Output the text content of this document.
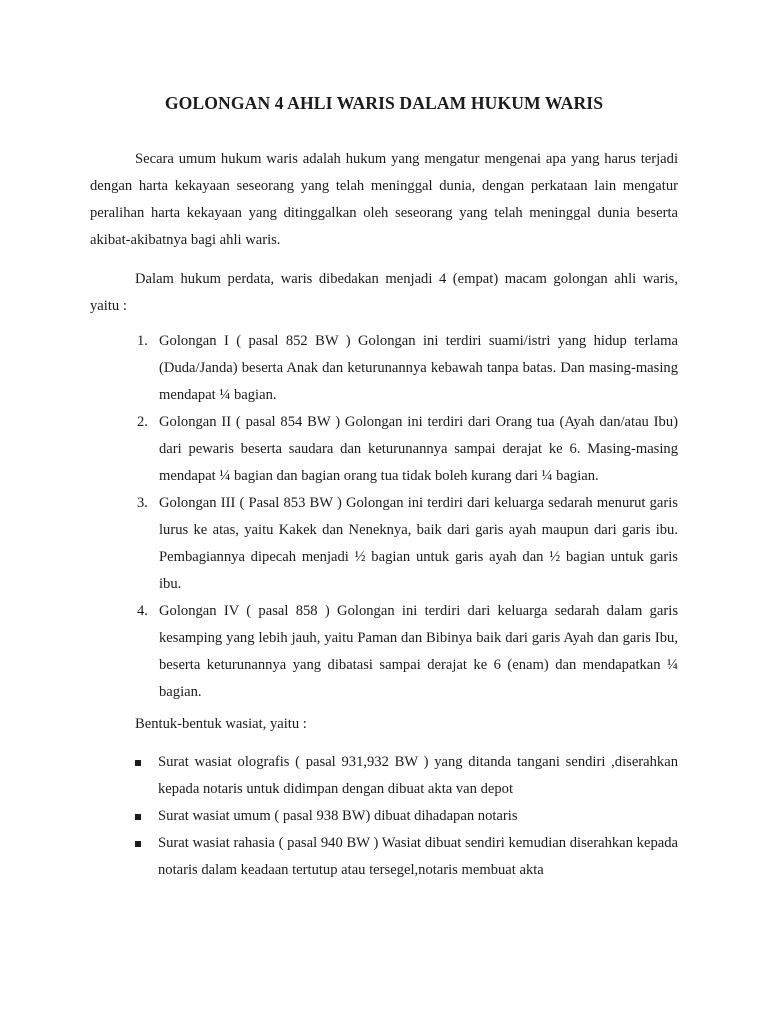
GOLONGAN 4 AHLI WARIS DALAM HUKUM WARIS

Secara umum hukum waris adalah hukum yang mengatur mengenai apa yang harus terjadi dengan harta kekayaan seseorang yang telah meninggal dunia, dengan perkataan lain mengatur peralihan harta kekayaan yang ditinggalkan oleh seseorang yang telah meninggal dunia beserta akibat-akibatnya bagi ahli waris.

Dalam hukum perdata, waris dibedakan menjadi 4 (empat) macam golongan ahli waris, yaitu :

1. Golongan I ( pasal 852 BW ) Golongan ini terdiri suami/istri yang hidup terlama (Duda/Janda) beserta Anak dan keturunannya kebawah tanpa batas. Dan masing-masing mendapat ¼ bagian.
2. Golongan II ( pasal 854 BW ) Golongan ini terdiri dari Orang tua (Ayah dan/atau Ibu) dari pewaris beserta saudara dan keturunannya sampai derajat ke 6. Masing-masing mendapat ¼ bagian dan bagian orang tua tidak boleh kurang dari ¼ bagian.
3. Golongan III ( Pasal 853 BW ) Golongan ini terdiri dari keluarga sedarah menurut garis lurus ke atas, yaitu Kakek dan Neneknya, baik dari garis ayah maupun dari garis ibu. Pembagiannya dipecah menjadi ½ bagian untuk garis ayah dan ½ bagian untuk garis ibu.
4. Golongan IV ( pasal 858 ) Golongan ini terdiri dari keluarga sedarah dalam garis kesamping yang lebih jauh, yaitu Paman dan Bibinya baik dari garis Ayah dan garis Ibu, beserta keturunannya yang dibatasi sampai derajat ke 6 (enam) dan mendapatkan ¼ bagian.

Bentuk-bentuk wasiat, yaitu :

Surat wasiat olografis ( pasal 931,932 BW ) yang ditanda tangani sendiri ,diserahkan kepada notaris untuk didimpan dengan dibuat akta van depot
Surat wasiat umum ( pasal 938 BW) dibuat dihadapan notaris
Surat wasiat rahasia ( pasal 940 BW ) Wasiat dibuat sendiri kemudian diserahkan kepada notaris dalam keadaan tertutup atau tersegel,notaris membuat akta
